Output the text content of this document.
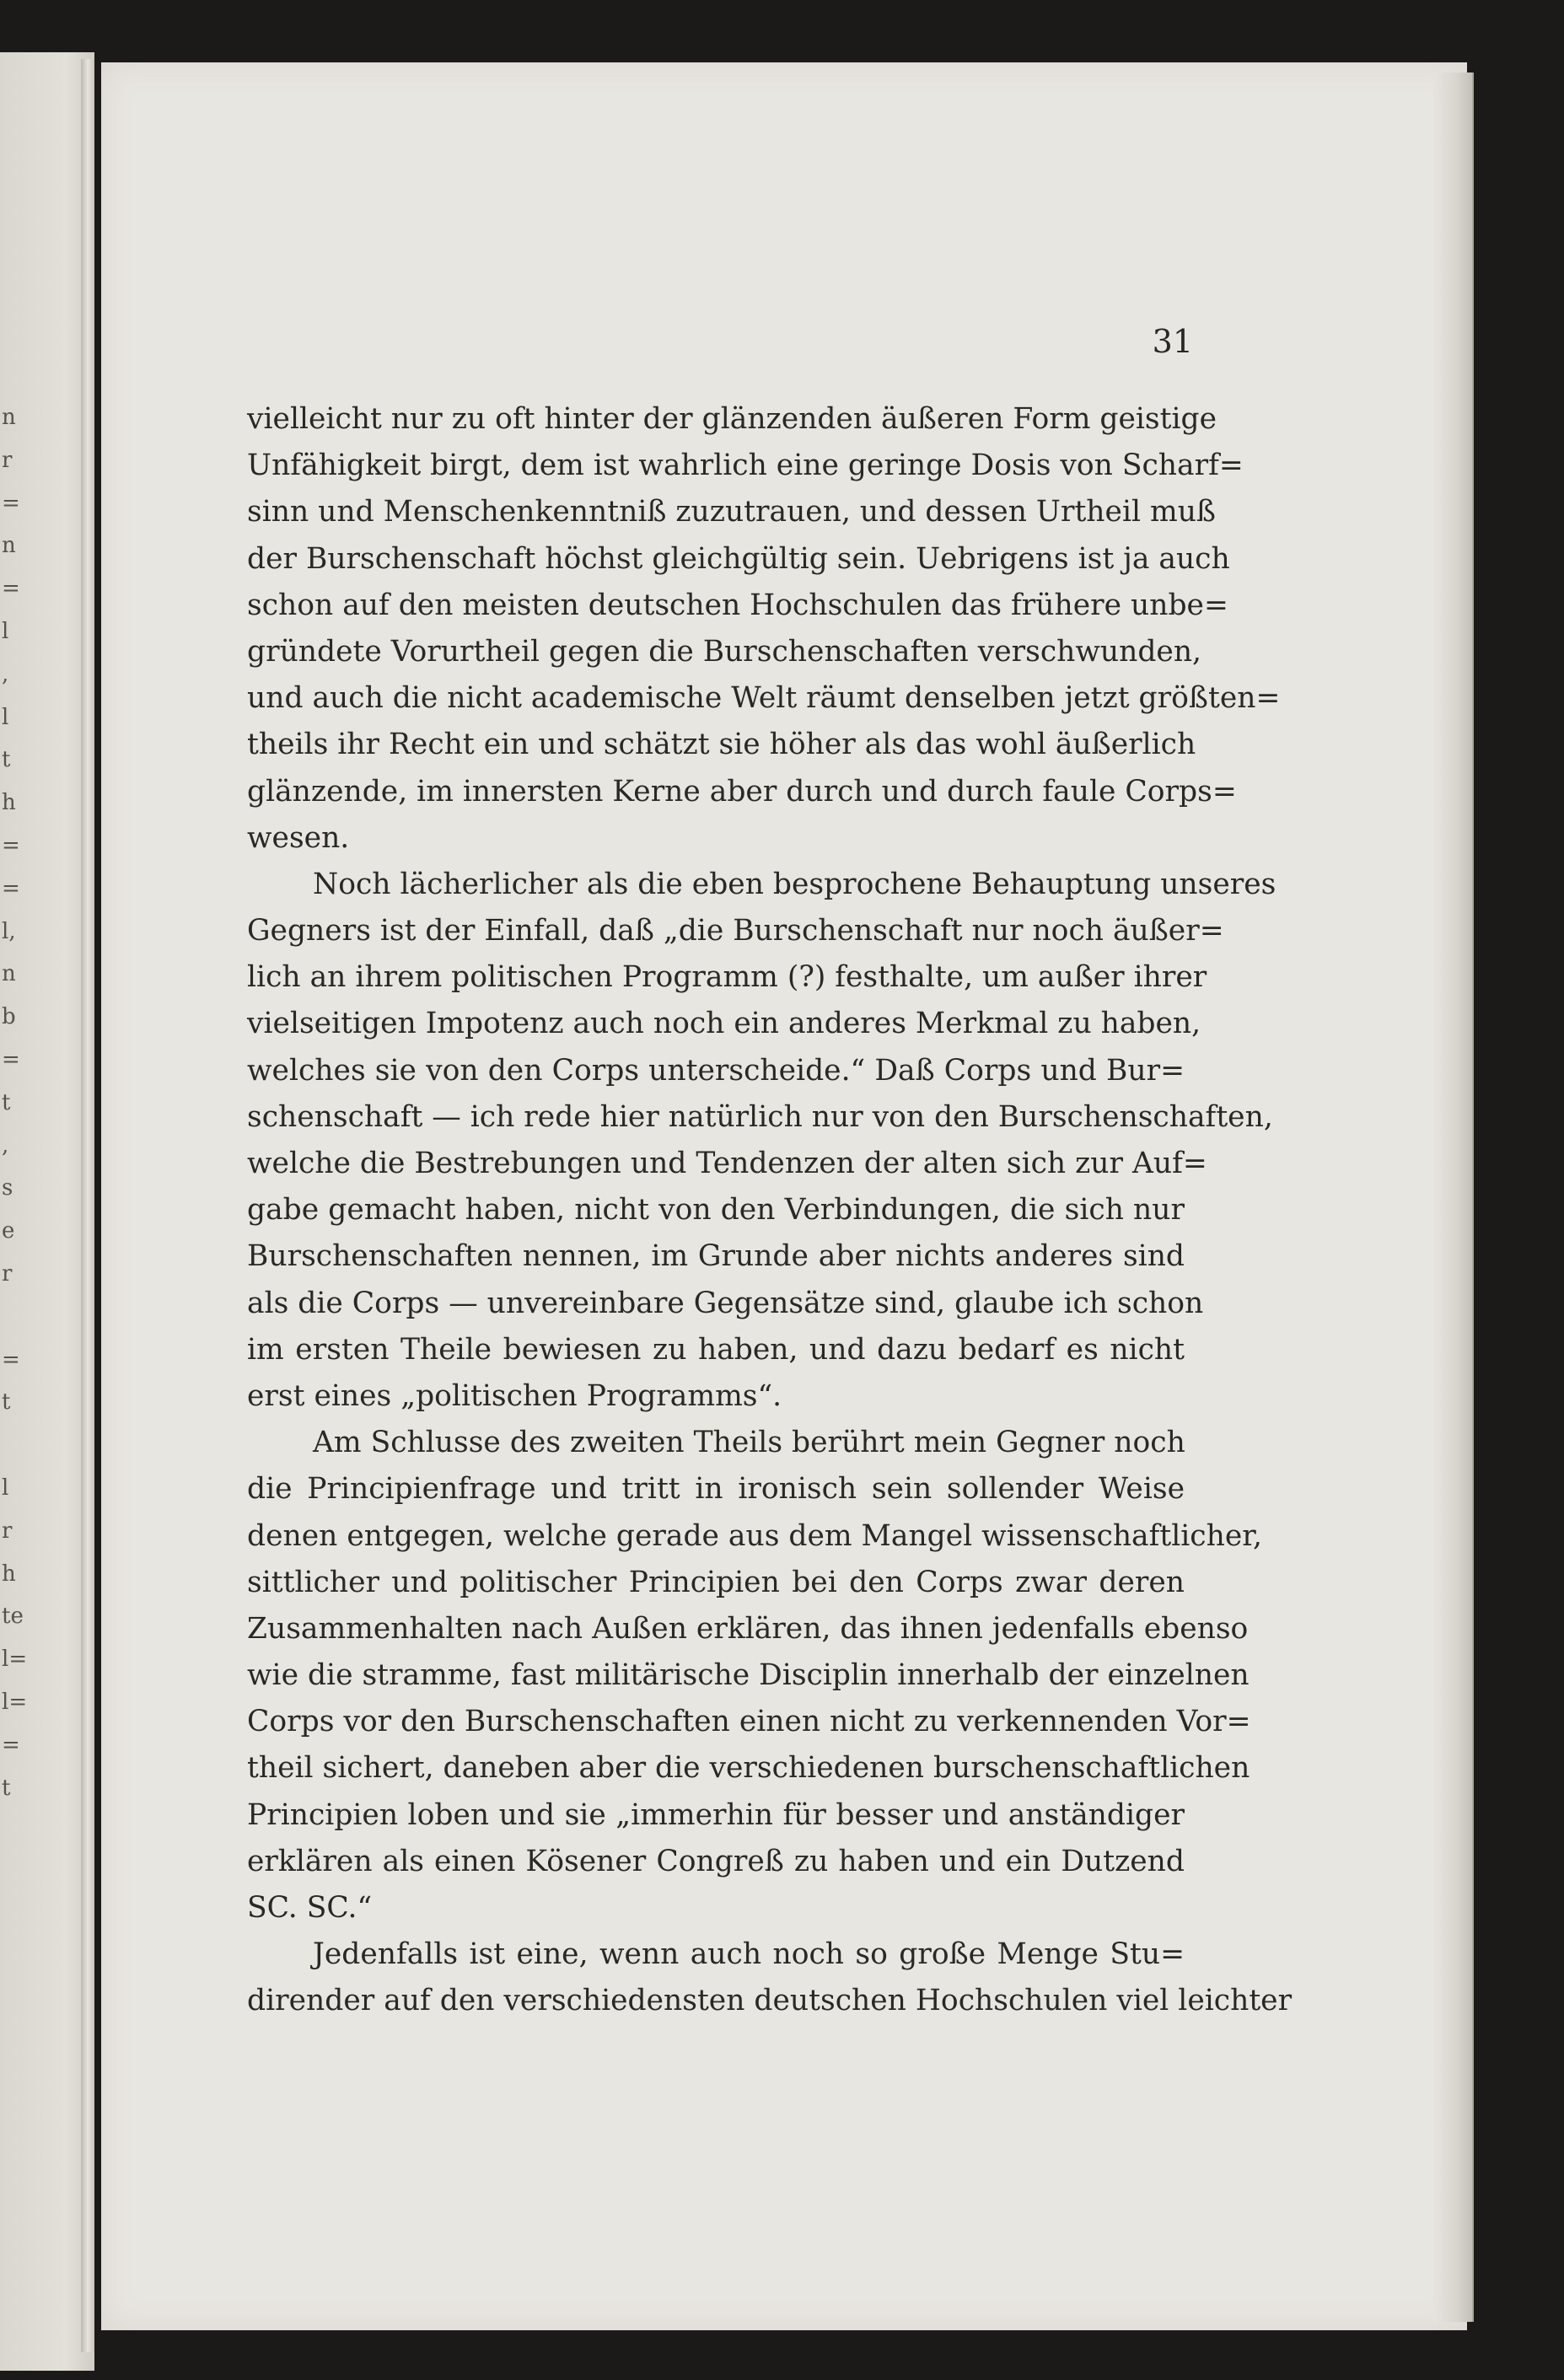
n
r
=
n
=
l
,
l
t
h
=
=
l,
n
b
=
t
,
s
e
r

=
t

l
r
h
te
l=
l=
=
t
31
vielleicht nur zu oft hinter der glänzenden äußeren Form geistige
Unfähigkeit birgt, dem ist wahrlich eine geringe Dosis von Scharf=
sinn und Menschenkenntniß zuzutrauen, und dessen Urtheil muß
der Burschenschaft höchst gleichgültig sein. Uebrigens ist ja auch
schon auf den meisten deutschen Hochschulen das frühere unbe=
gründete Vorurtheil gegen die Burschenschaften verschwunden,
und auch die nicht academische Welt räumt denselben jetzt größten=
theils ihr Recht ein und schätzt sie höher als das wohl äußerlich
glänzende, im innersten Kerne aber durch und durch faule Corps=
wesen.
Noch lächerlicher als die eben besprochene Behauptung unseres
Gegners ist der Einfall, daß „die Burschenschaft nur noch äußer=
lich an ihrem politischen Programm (?) festhalte, um außer ihrer
vielseitigen Impotenz auch noch ein anderes Merkmal zu haben,
welches sie von den Corps unterscheide.“ Daß Corps und Bur=
schenschaft — ich rede hier natürlich nur von den Burschenschaften,
welche die Bestrebungen und Tendenzen der alten sich zur Auf=
gabe gemacht haben, nicht von den Verbindungen, die sich nur
Burschenschaften nennen, im Grunde aber nichts anderes sind
als die Corps — unvereinbare Gegensätze sind, glaube ich schon
im ersten Theile bewiesen zu haben, und dazu bedarf es nicht
erst eines „politischen Programms“.
Am Schlusse des zweiten Theils berührt mein Gegner noch
die Principienfrage und tritt in ironisch sein sollender Weise
denen entgegen, welche gerade aus dem Mangel wissenschaftlicher,
sittlicher und politischer Principien bei den Corps zwar deren
Zusammenhalten nach Außen erklären, das ihnen jedenfalls ebenso
wie die stramme, fast militärische Disciplin innerhalb der einzelnen
Corps vor den Burschenschaften einen nicht zu verkennenden Vor=
theil sichert, daneben aber die verschiedenen burschenschaftlichen
Principien loben und sie „immerhin für besser und anständiger
erklären als einen Kösener Congreß zu haben und ein Dutzend
SC. SC.“
Jedenfalls ist eine, wenn auch noch so große Menge Stu=
dirender auf den verschiedensten deutschen Hochschulen viel leichter
